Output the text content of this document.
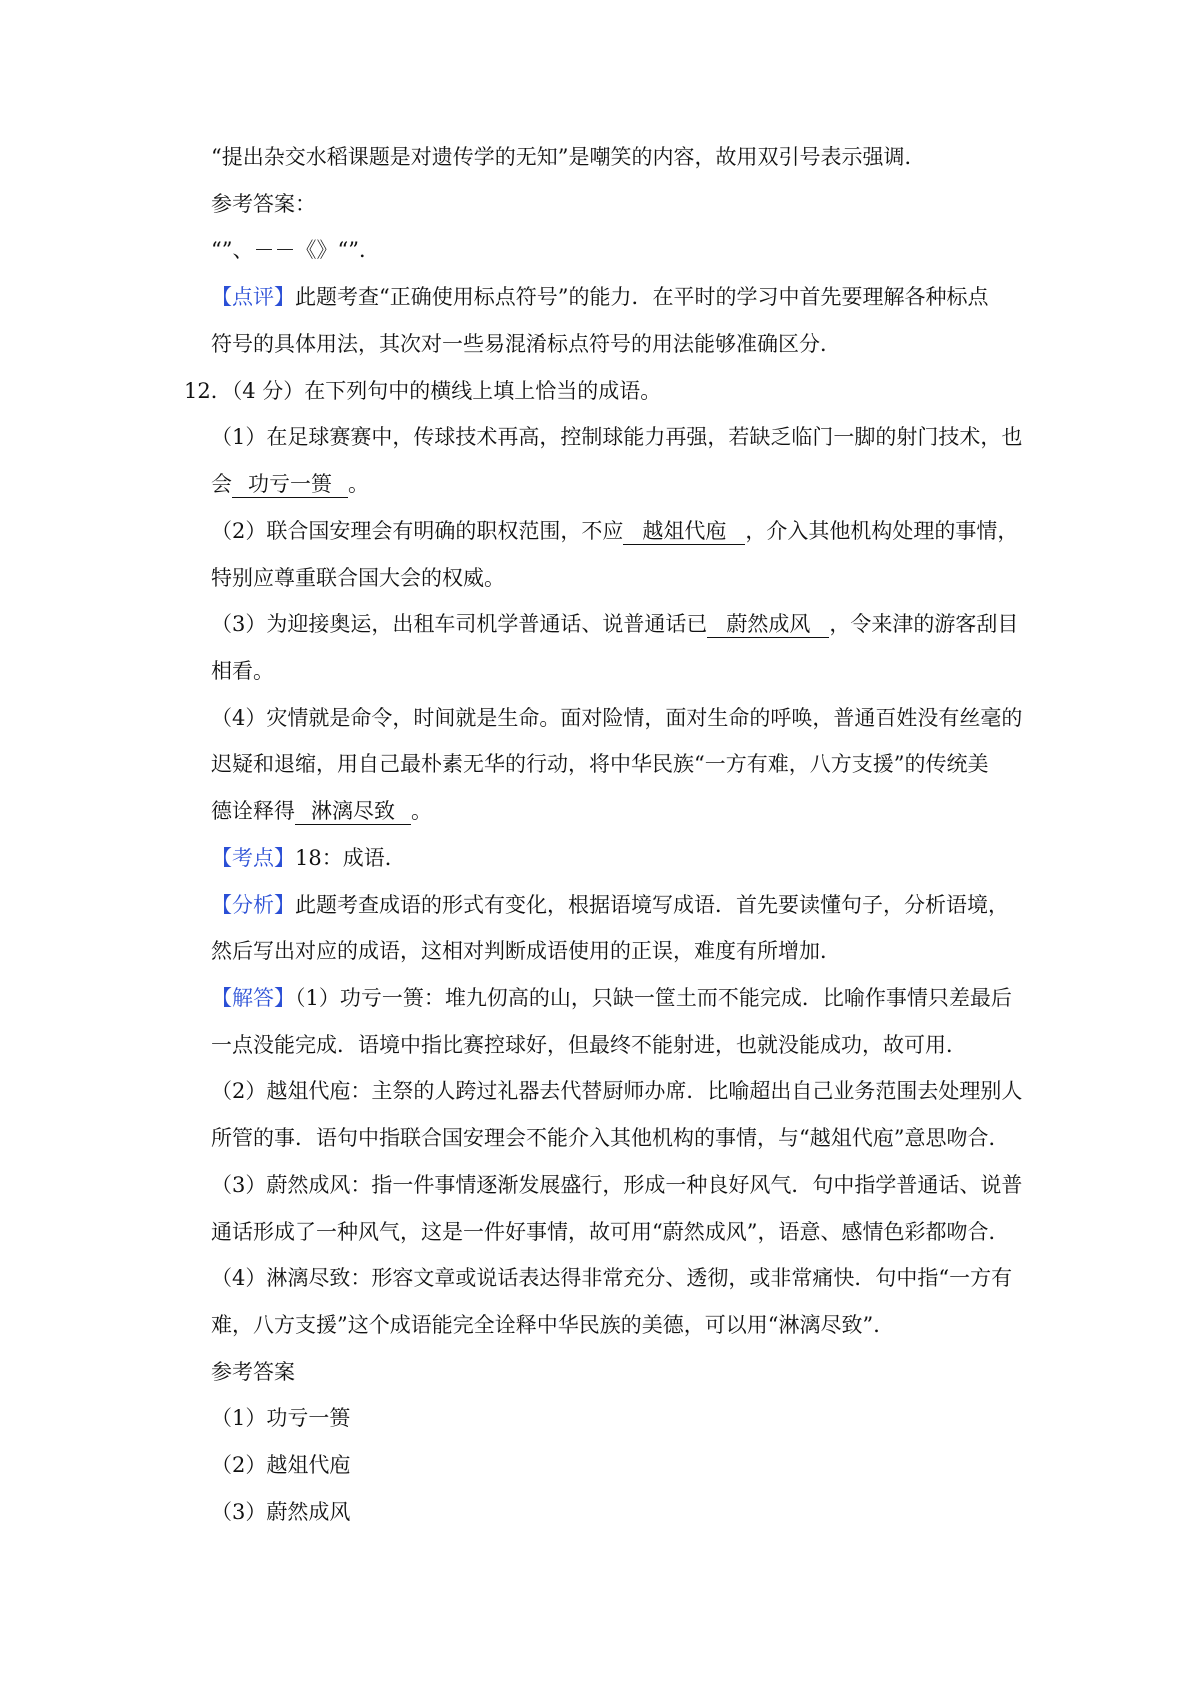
“提出杂交水稻课题是对遗传学的无知”是嘲笑的内容，故用双引号表示强调．
参考答案：
“”、－－《》“”．
【点评】此题考查“正确使用标点符号”的能力．在平时的学习中首先要理解各种标点
符号的具体用法，其次对一些易混淆标点符号的用法能够准确区分．
12．（4 分）在下列句中的横线上填上恰当的成语。
（1）在足球赛赛中，传球技术再高，控制球能力再强，若缺乏临门一脚的射门技术，也
会 功亏一篑 。
（2）联合国安理会有明确的职权范围，不应 越俎代庖 ，介入其他机构处理的事情，
特别应尊重联合国大会的权威。
（3）为迎接奥运，出租车司机学普通话、说普通话已 蔚然成风 ，令来津的游客刮目
相看。
（4）灾情就是命令，时间就是生命。面对险情，面对生命的呼唤，普通百姓没有丝毫的
迟疑和退缩，用自己最朴素无华的行动，将中华民族“一方有难，八方支援”的传统美
德诠释得 淋漓尽致 。
【考点】18：成语．
【分析】此题考查成语的形式有变化，根据语境写成语．首先要读懂句子，分析语境，
然后写出对应的成语，这相对判断成语使用的正误，难度有所增加．
【解答】（1）功亏一篑：堆九仞高的山，只缺一筐土而不能完成．比喻作事情只差最后
一点没能完成．语境中指比赛控球好，但最终不能射进，也就没能成功，故可用．
（2）越俎代庖：主祭的人跨过礼器去代替厨师办席．比喻超出自己业务范围去处理别人
所管的事．语句中指联合国安理会不能介入其他机构的事情，与“越俎代庖”意思吻合．
（3）蔚然成风：指一件事情逐渐发展盛行，形成一种良好风气．句中指学普通话、说普
通话形成了一种风气，这是一件好事情，故可用“蔚然成风”，语意、感情色彩都吻合．
（4）淋漓尽致：形容文章或说话表达得非常充分、透彻，或非常痛快．句中指“一方有
难，八方支援”这个成语能完全诠释中华民族的美德，可以用“淋漓尽致”．
参考答案
（1）功亏一篑
（2）越俎代庖
（3）蔚然成风
